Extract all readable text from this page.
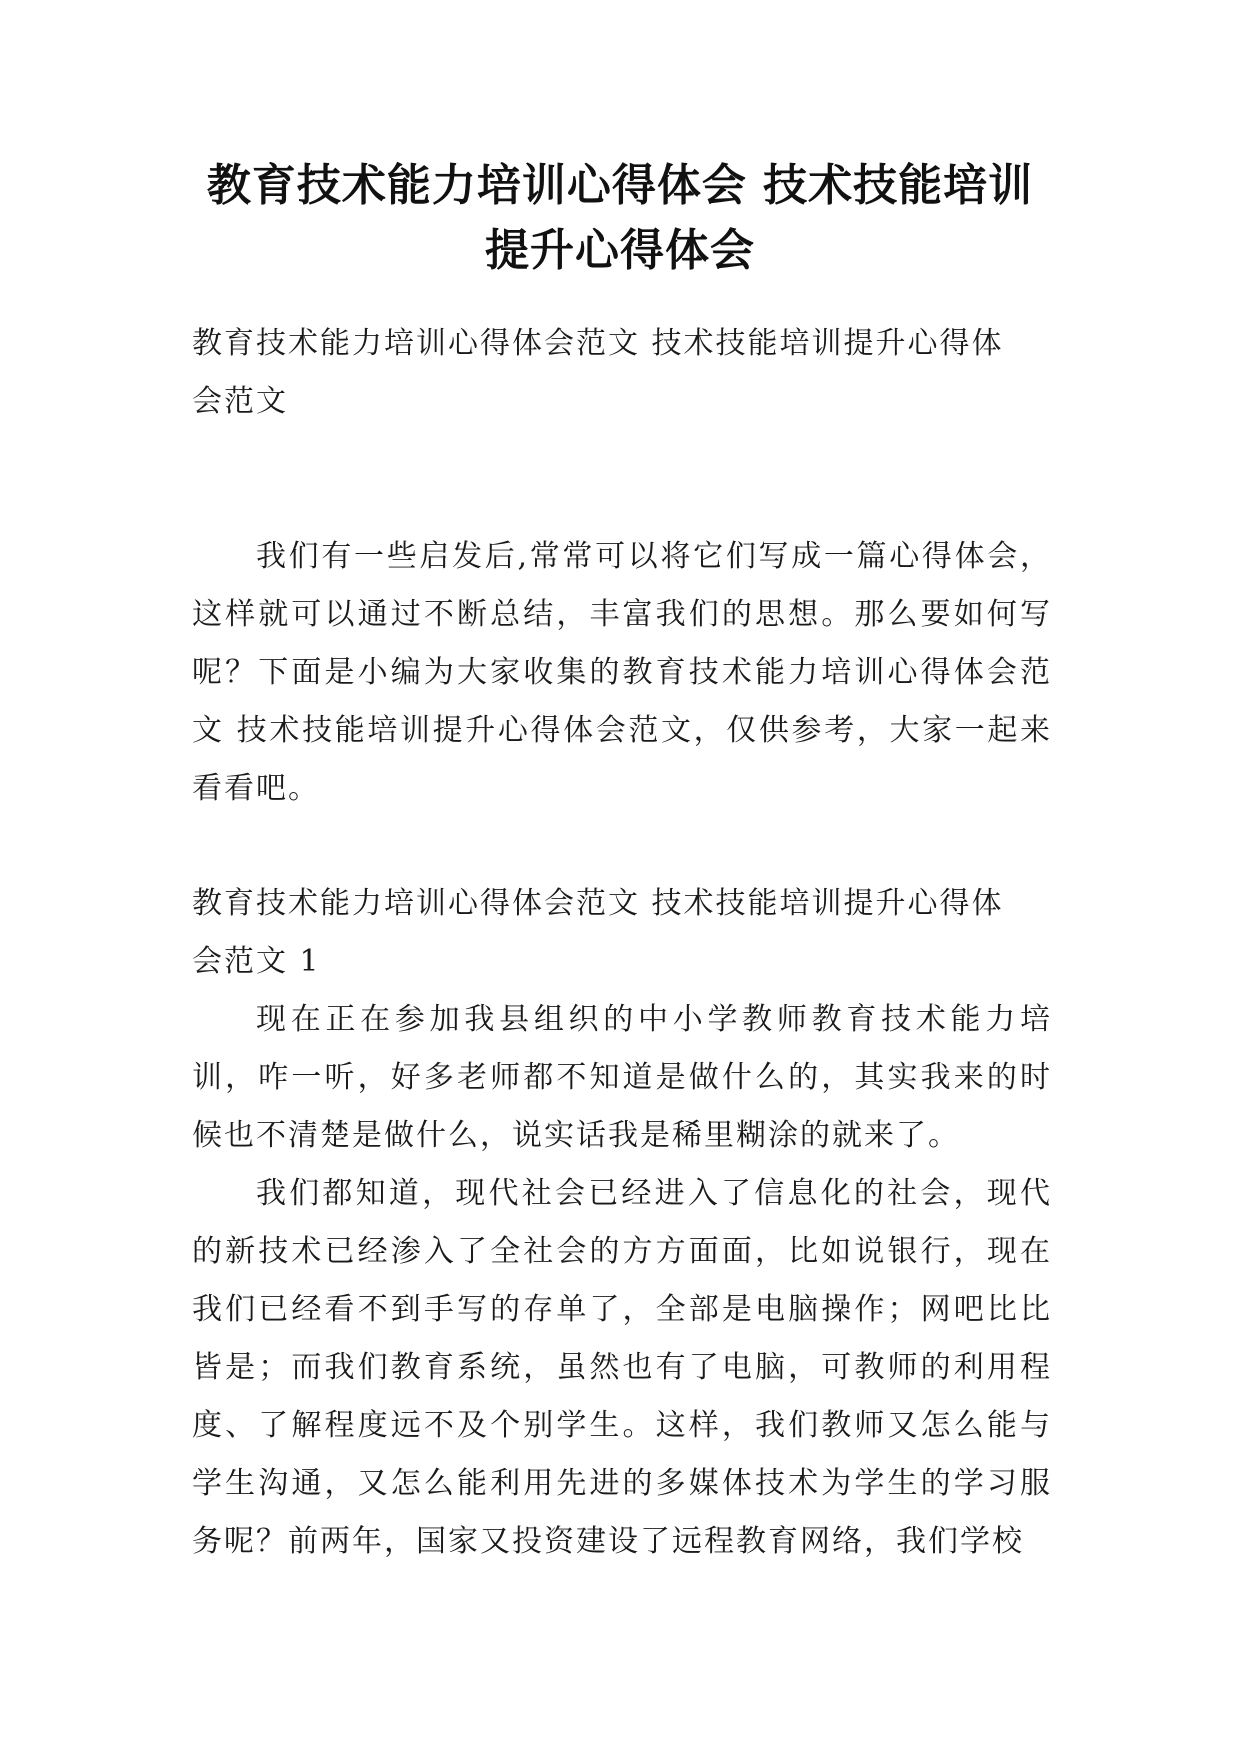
教育技术能力培训心得体会 技术技能培训
提升心得体会
教育技术能力培训心得体会范文 技术技能培训提升心得体
会范文

我们有一些启发后,常常可以将它们写成一篇心得体会，这样就可以通过不断总结，丰富我们的思想。那么要如何写呢？下面是小编为大家收集的教育技术能力培训心得体会范文 技术技能培训提升心得体会范文，仅供参考，大家一起来看看吧。

教育技术能力培训心得体会范文 技术技能培训提升心得体
会范文 1

现在正在参加我县组织的中小学教师教育技术能力培训，咋一听，好多老师都不知道是做什么的，其实我来的时候也不清楚是做什么，说实话我是稀里糊涂的就来了。

我们都知道，现代社会已经进入了信息化的社会，现代的新技术已经渗入了全社会的方方面面，比如说银行，现在我们已经看不到手写的存单了，全部是电脑操作；网吧比比皆是；而我们教育系统，虽然也有了电脑，可教师的利用程度、了解程度远不及个别学生。这样，我们教师又怎么能与学生沟通，又怎么能利用先进的多媒体技术为学生的学习服务呢？前两年，国家又投资建设了远程教育网络，我们学校
